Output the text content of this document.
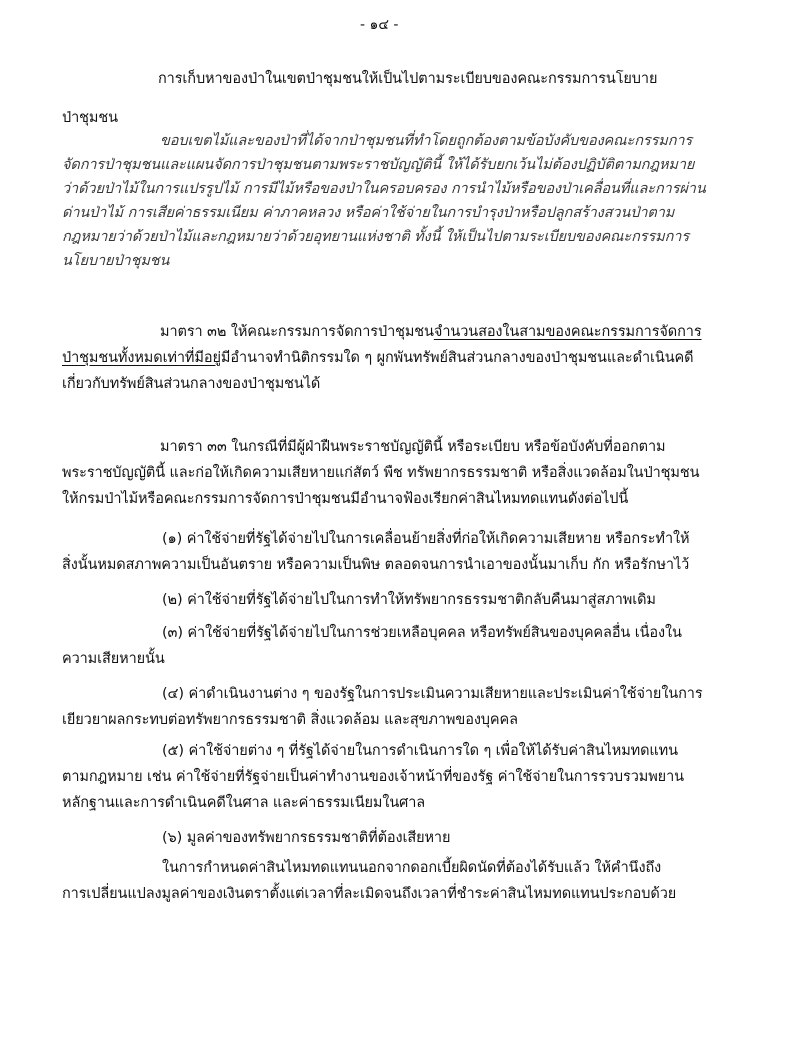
- ๑๔ -
การเก็บหาของป่าในเขตป่าชุมชนให้เป็นไปตามระเบียบของคณะกรรมการนโยบาย
ป่าชุมชน
ขอบเขตไม้และของป่าที่ได้จากป่าชุมชนที่ทำโดยถูกต้องตามข้อบังคับของคณะกรรมการ
จัดการป่าชุมชนและแผนจัดการป่าชุมชนตามพระราชบัญญัตินี้ ให้ได้รับยกเว้นไม่ต้องปฏิบัติตามกฎหมาย
ว่าด้วยป่าไม้ในการแปรรูปไม้ การมีไม้หรือของป่าในครอบครอง การนำไม้หรือของป่าเคลื่อนที่และการผ่าน
ด่านป่าไม้ การเสียค่าธรรมเนียม ค่าภาคหลวง หรือค่าใช้จ่ายในการบำรุงป่าหรือปลูกสร้างสวนป่าตาม
กฎหมายว่าด้วยป่าไม้และกฎหมายว่าด้วยอุทยานแห่งชาติ ทั้งนี้ ให้เป็นไปตามระเบียบของคณะกรรมการ
นโยบายป่าชุมชน
มาตรา ๓๒ ให้คณะกรรมการจัดการป่าชุมชนจำนวนสองในสามของคณะกรรมการจัดการ
ป่าชุมชนทั้งหมดเท่าที่มีอยู่มีอำนาจทำนิติกรรมใด ๆ ผูกพันทรัพย์สินส่วนกลางของป่าชุมชนและดำเนินคดี
เกี่ยวกับทรัพย์สินส่วนกลางของป่าชุมชนได้
มาตรา ๓๓ ในกรณีที่มีผู้ฝ่าฝืนพระราชบัญญัตินี้ หรือระเบียบ หรือข้อบังคับที่ออกตาม
พระราชบัญญัตินี้ และก่อให้เกิดความเสียหายแก่สัตว์ พืช ทรัพยากรธรรมชาติ หรือสิ่งแวดล้อมในป่าชุมชน
ให้กรมป่าไม้หรือคณะกรรมการจัดการป่าชุมชนมีอำนาจฟ้องเรียกค่าสินไหมทดแทนดังต่อไปนี้
(๑) ค่าใช้จ่ายที่รัฐได้จ่ายไปในการเคลื่อนย้ายสิ่งที่ก่อให้เกิดความเสียหาย หรือกระทำให้
สิ่งนั้นหมดสภาพความเป็นอันตราย หรือความเป็นพิษ ตลอดจนการนำเอาของนั้นมาเก็บ กัก หรือรักษาไว้
(๒) ค่าใช้จ่ายที่รัฐได้จ่ายไปในการทำให้ทรัพยากรธรรมชาติกลับคืนมาสู่สภาพเดิม
(๓) ค่าใช้จ่ายที่รัฐได้จ่ายไปในการช่วยเหลือบุคคล หรือทรัพย์สินของบุคคลอื่น เนื่องใน
ความเสียหายนั้น
(๔) ค่าดำเนินงานต่าง ๆ ของรัฐในการประเมินความเสียหายและประเมินค่าใช้จ่ายในการ
เยียวยาผลกระทบต่อทรัพยากรธรรมชาติ สิ่งแวดล้อม และสุขภาพของบุคคล
(๕) ค่าใช้จ่ายต่าง ๆ ที่รัฐได้จ่ายในการดำเนินการใด ๆ เพื่อให้ได้รับค่าสินไหมทดแทน
ตามกฎหมาย เช่น ค่าใช้จ่ายที่รัฐจ่ายเป็นค่าทำงานของเจ้าหน้าที่ของรัฐ ค่าใช้จ่ายในการรวบรวมพยาน
หลักฐานและการดำเนินคดีในศาล และค่าธรรมเนียมในศาล
(๖) มูลค่าของทรัพยากรธรรมชาติที่ต้องเสียหาย
ในการกำหนดค่าสินไหมทดแทนนอกจากดอกเบี้ยผิดนัดที่ต้องได้รับแล้ว ให้คำนึงถึง
การเปลี่ยนแปลงมูลค่าของเงินตราตั้งแต่เวลาที่ละเมิดจนถึงเวลาที่ชำระค่าสินไหมทดแทนประกอบด้วย
